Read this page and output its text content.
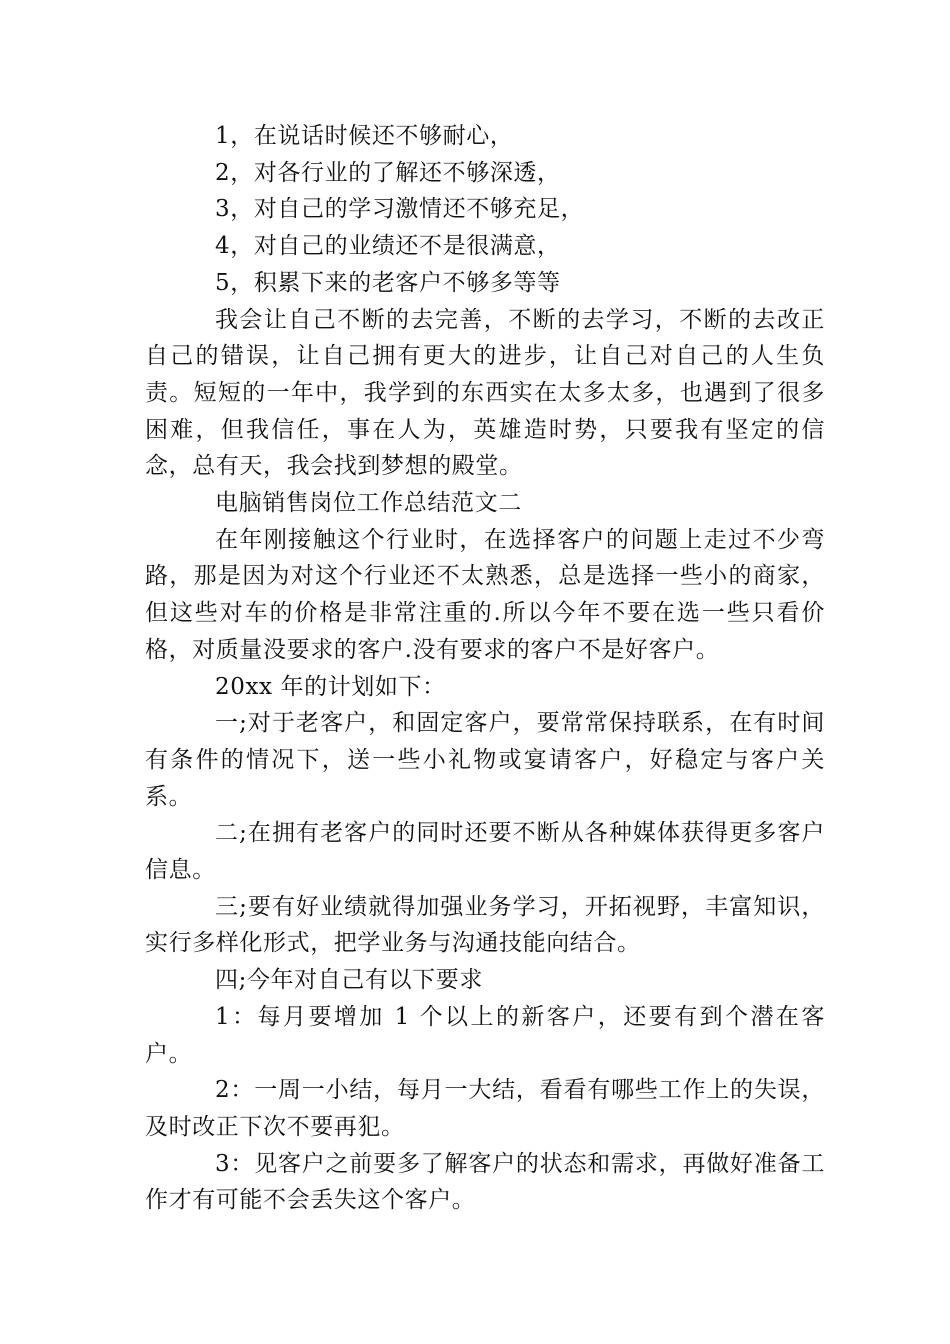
1，在说话时候还不够耐心，

2，对各行业的了解还不够深透，

3，对自己的学习激情还不够充足，

4，对自己的业绩还不是很满意，

5，积累下来的老客户不够多等等

我会让自己不断的去完善，不断的去学习，不断的去改正自己的错误，让自己拥有更大的进步，让自己对自己的人生负责。短短的一年中，我学到的东西实在太多太多，也遇到了很多困难，但我信任，事在人为，英雄造时势，只要我有坚定的信念，总有天，我会找到梦想的殿堂。

电脑销售岗位工作总结范文二

在年刚接触这个行业时，在选择客户的问题上走过不少弯路，那是因为对这个行业还不太熟悉，总是选择一些小的商家，但这些对车的价格是非常注重的.所以今年不要在选一些只看价格，对质量没要求的客户.没有要求的客户不是好客户。

20xx 年的计划如下：

一;对于老客户，和固定客户，要常常保持联系，在有时间有条件的情况下，送一些小礼物或宴请客户，好稳定与客户关系。

二;在拥有老客户的同时还要不断从各种媒体获得更多客户信息。

三;要有好业绩就得加强业务学习，开拓视野，丰富知识，实行多样化形式，把学业务与沟通技能向结合。

四;今年对自己有以下要求

1：每月要增加 1 个以上的新客户，还要有到个潜在客户。

2：一周一小结，每月一大结，看看有哪些工作上的失误，及时改正下次不要再犯。

3：见客户之前要多了解客户的状态和需求，再做好准备工作才有可能不会丢失这个客户。
